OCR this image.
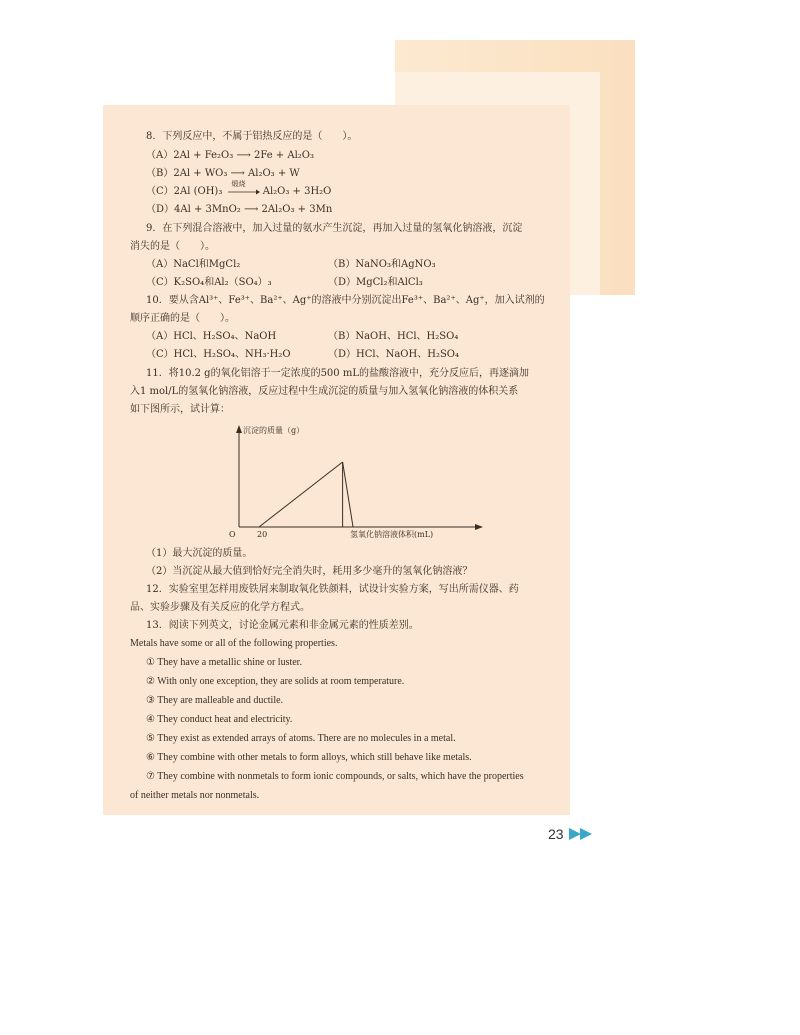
8．下列反应中，不属于铝热反应的是（　　）。
（A）2Al + Fe₂O₃ ⟶ 2Fe + Al₂O₃
（B）2Al + WO₃ ⟶ Al₂O₃ + W
（C）2Al (OH)₃
煅烧
Al₂O₃ + 3H₂O
（D）4Al + 3MnO₂ ⟶ 2Al₂O₃ + 3Mn
9．在下列混合溶液中，加入过量的氨水产生沉淀，再加入过量的氢氧化钠溶液，沉淀
消失的是（　　）。
（A）NaCl和MgCl₂	（B）NaNO₃和AgNO₃
（C）K₂SO₄和Al₂（SO₄）₃	（D）MgCl₂和AlCl₃
10．要从含Al³⁺、Fe³⁺、Ba²⁺、Ag⁺的溶液中分别沉淀出Fe³⁺、Ba²⁺、Ag⁺，加入试剂的
顺序正确的是（　　）。
（A）HCl、H₂SO₄、NaOH	（B）NaOH、HCl、H₂SO₄
（C）HCl、H₂SO₄、NH₃·H₂O	（D）HCl、NaOH、H₂SO₄
11．将10.2 g的氧化铝溶于一定浓度的500 mL的盐酸溶液中，充分反应后，再逐滴加
入1 mol/L的氢氧化钠溶液，反应过程中生成沉淀的质量与加入氢氧化钠溶液的体积关系
如下图所示，试计算：
沉淀的质量（g）
O	20	氢氧化钠溶液体积(mL)
（1）最大沉淀的质量。
（2）当沉淀从最大值到恰好完全消失时，耗用多少毫升的氢氧化钠溶液？
12．实验室里怎样用废铁屑来制取氧化铁颜料，试设计实验方案，写出所需仪器、药
品、实验步骤及有关反应的化学方程式。
13．阅读下列英文，讨论金属元素和非金属元素的性质差别。
Metals have some or all of the following properties.
① They have a metallic shine or luster.
② With only one exception, they are solids at room temperature.
③ They are malleable and ductile.
④ They conduct heat and electricity.
⑤ They exist as extended arrays of atoms. There are no molecules in a metal.
⑥ They combine with other metals to form alloys, which still behave like metals.
⑦ They combine with nonmetals to form ionic compounds, or salts, which have the properties
of neither metals nor nonmetals.
23
